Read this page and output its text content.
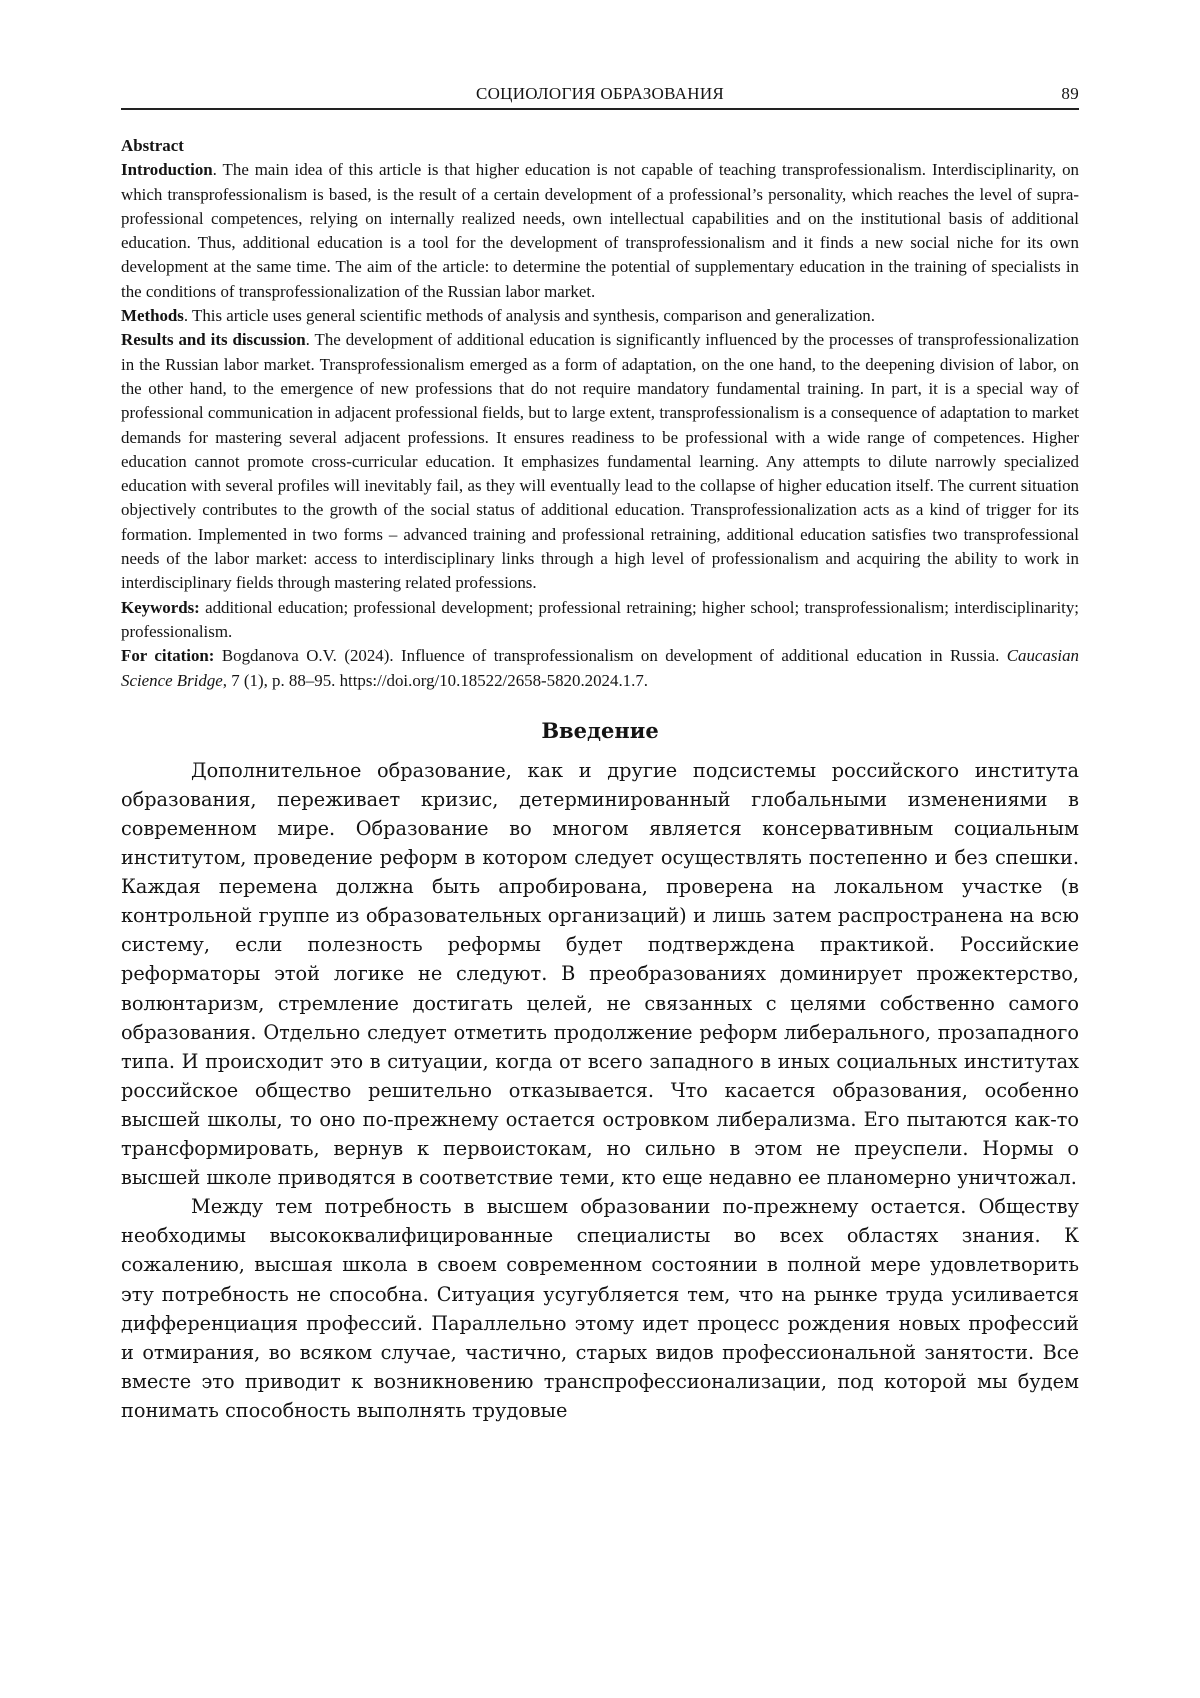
СОЦИОЛОГИЯ ОБРАЗОВАНИЯ	89

Abstract

Introduction. The main idea of this article is that higher education is not capable of teaching transprofessionalism. Interdisciplinarity, on which transprofessionalism is based, is the result of a certain development of a professional’s personality, which reaches the level of supra-professional competences, relying on internally realized needs, own intellectual capabilities and on the institutional basis of additional education. Thus, additional education is a tool for the development of transprofessionalism and it finds a new social niche for its own development at the same time. The aim of the article: to determine the potential of supplementary education in the training of specialists in the conditions of transprofessionalization of the Russian labor market.

Methods. This article uses general scientific methods of analysis and synthesis, comparison and generalization.

Results and its discussion. The development of additional education is significantly influenced by the processes of transprofessionalization in the Russian labor market. Transprofessionalism emerged as a form of adaptation, on the one hand, to the deepening division of labor, on the other hand, to the emergence of new professions that do not require mandatory fundamental training. In part, it is a special way of professional communication in adjacent professional fields, but to large extent, transprofessionalism is a consequence of adaptation to market demands for mastering several adjacent professions. It ensures readiness to be professional with a wide range of competences. Higher education cannot promote cross-curricular education. It emphasizes fundamental learning. Any attempts to dilute narrowly specialized education with several profiles will inevitably fail, as they will eventually lead to the collapse of higher education itself. The current situation objectively contributes to the growth of the social status of additional education. Transprofessionalization acts as a kind of trigger for its formation. Implemented in two forms – advanced training and professional retraining, additional education satisfies two transprofessional needs of the labor market: access to interdisciplinary links through a high level of professionalism and acquiring the ability to work in interdisciplinary fields through mastering related professions.

Keywords: additional education; professional development; professional retraining; higher school; transprofessionalism; interdisciplinarity; professionalism.

For citation: Bogdanova O.V. (2024). Influence of transprofessionalism on development of additional education in Russia. Caucasian Science Bridge, 7 (1), p. 88–95. https://doi.org/10.18522/2658-5820.2024.1.7.

Введение

Дополнительное образование, как и другие подсистемы российского института образования, переживает кризис, детерминированный глобальными изменениями в современном мире. Образование во многом является консервативным социальным институтом, проведение реформ в котором следует осуществлять постепенно и без спешки. Каждая перемена должна быть апробирована, проверена на локальном участке (в контрольной группе из образовательных организаций) и лишь затем распространена на всю систему, если полезность реформы будет подтверждена практикой. Российские реформаторы этой логике не следуют. В преобразованиях доминирует прожектерство, волюнтаризм, стремление достигать целей, не связанных с целями собственно самого образования. Отдельно следует отметить продолжение реформ либерального, прозападного типа. И происходит это в ситуации, когда от всего западного в иных социальных институтах российское общество решительно отказывается. Что касается образования, особенно высшей школы, то оно по-прежнему остается островком либерализма. Его пытаются как-то трансформировать, вернув к первоистокам, но сильно в этом не преуспели. Нормы о высшей школе приводятся в соответствие теми, кто еще недавно ее планомерно уничтожал.

Между тем потребность в высшем образовании по-прежнему остается. Обществу необходимы высококвалифицированные специалисты во всех областях знания. К сожалению, высшая школа в своем современном состоянии в полной мере удовлетворить эту потребность не способна. Ситуация усугубляется тем, что на рынке труда усиливается дифференциация профессий. Параллельно этому идет процесс рождения новых профессий и отмирания, во всяком случае, частично, старых видов профессиональной занятости. Все вместе это приводит к возникновению транспрофессионализации, под которой мы будем понимать способность выполнять трудовые
